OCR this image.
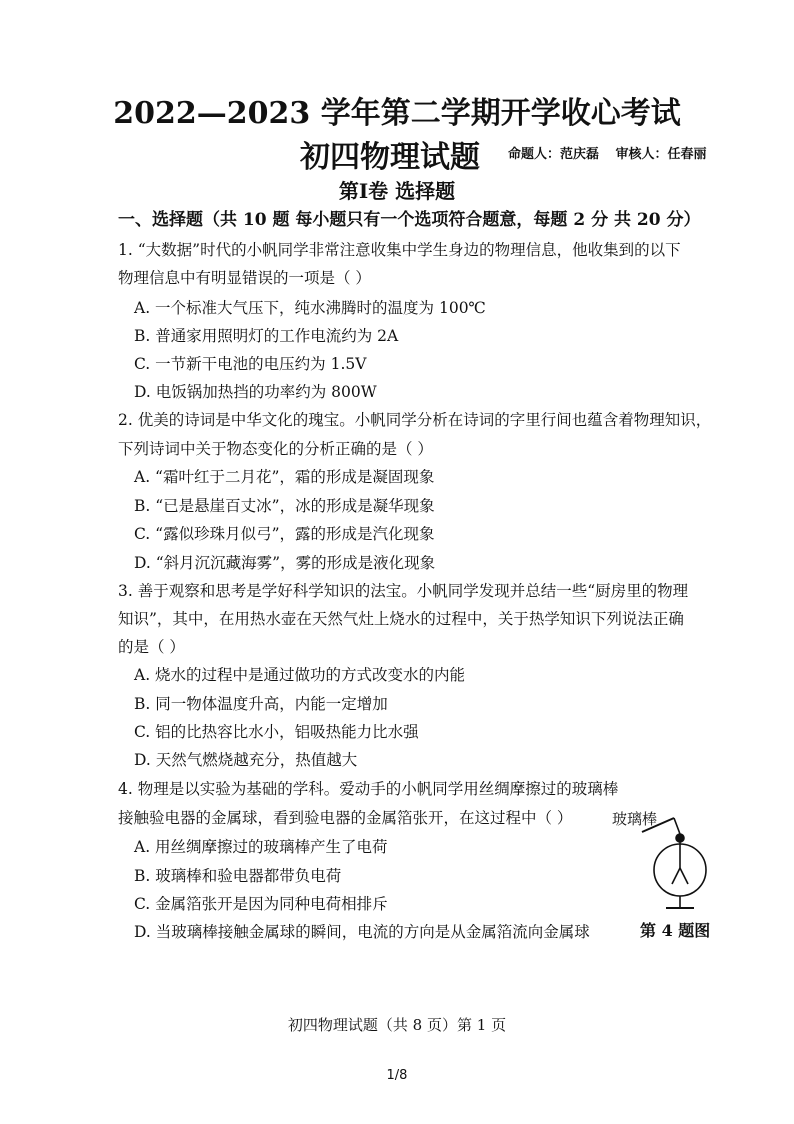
2022—2023 学年第二学期开学收心考试
初四物理试题 命题人：范庆磊 审核人：任春丽
第Ⅰ卷 选择题
一、选择题（共 10 题 每小题只有一个选项符合题意，每题 2 分 共 20 分）
1. “大数据”时代的小帆同学非常注意收集中学生身边的物理信息，他收集到的以下
物理信息中有明显错误的一项是（ ）
A. 一个标准大气压下，纯水沸腾时的温度为 100℃
B. 普通家用照明灯的工作电流约为 2A
C. 一节新干电池的电压约为 1.5V
D. 电饭锅加热挡的功率约为 800W
2. 优美的诗词是中华文化的瑰宝。小帆同学分析在诗词的字里行间也蕴含着物理知识，
下列诗词中关于物态变化的分析正确的是（ ）
A. “霜叶红于二月花”，霜的形成是凝固现象
B. “已是悬崖百丈冰”，冰的形成是凝华现象
C. “露似珍珠月似弓”，露的形成是汽化现象
D. “斜月沉沉藏海雾”，雾的形成是液化现象
3. 善于观察和思考是学好科学知识的法宝。小帆同学发现并总结一些“厨房里的物理
知识”，其中，在用热水壶在天然气灶上烧水的过程中，关于热学知识下列说法正确
的是（ ）
A. 烧水的过程中是通过做功的方式改变水的内能
B. 同一物体温度升高，内能一定增加
C. 铝的比热容比水小，铝吸热能力比水强
D. 天然气燃烧越充分，热值越大
4. 物理是以实验为基础的学科。爱动手的小帆同学用丝绸摩擦过的玻璃棒
接触验电器的金属球，看到验电器的金属箔张开，在这过程中（ ）
A. 用丝绸摩擦过的玻璃棒产生了电荷
B. 玻璃棒和验电器都带负电荷
C. 金属箔张开是因为同种电荷相排斥
D. 当玻璃棒接触金属球的瞬间，电流的方向是从金属箔流向金属球
玻璃棒
第 4 题图
初四物理试题（共 8 页）第 1 页
1/8
